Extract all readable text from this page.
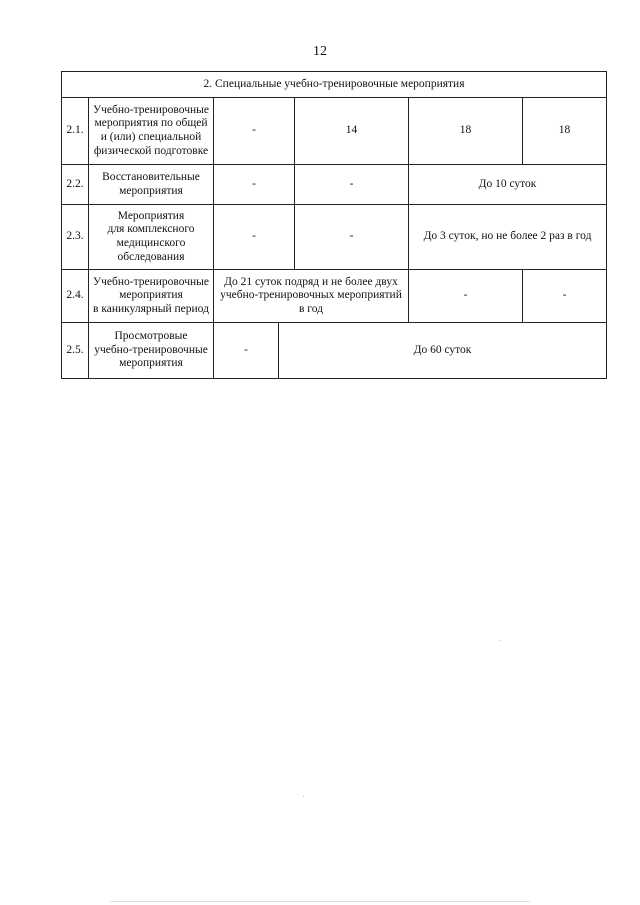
12
2. Специальные учебно-тренировочные мероприятия					
2.1.	Учебно-тренировочные
мероприятия по общей
и (или) специальной
физической подготовке	-	14	18	18
2.2.	Восстановительные
мероприятия	-	-	До 10 суток	
2.3.	Мероприятия
для комплексного
медицинского
обследования	-	-	До 3 суток, но не более 2 раз в год	
2.4.	Учебно-тренировочные
мероприятия
в каникулярный период	До 21 суток подряд и не более двух
учебно-тренировочных мероприятий
в год		-	-
2.5.	Просмотровые
учебно-тренировочные
мероприятия	- До 60 суток			
